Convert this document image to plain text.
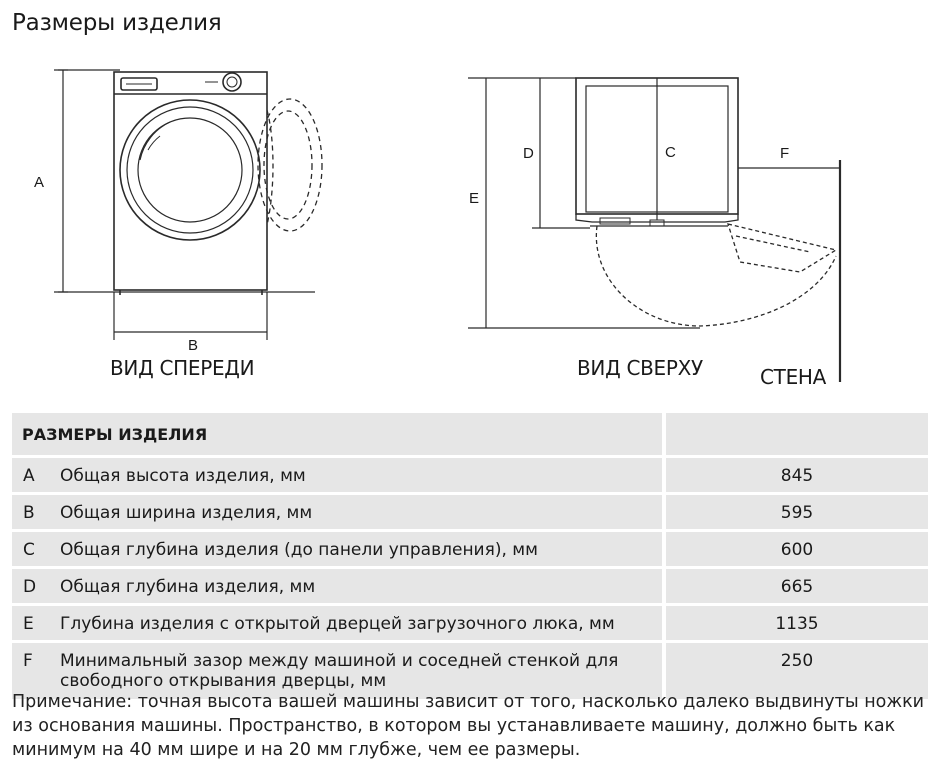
Размеры изделия
A
B
D	C
E
F
ВИД СПЕРЕДИ	ВИД СВЕРХУ	СТЕНА
РАЗМЕРЫ ИЗДЕЛИЯ		
A	Общая высота изделия, мм	845
B	Общая ширина изделия, мм	595
C	Общая глубина изделия (до панели управления), мм	600
D	Общая глубина изделия, мм	665
E	Глубина изделия с открытой дверцей загрузочного люка, мм	1135
F	Минимальный зазор между машиной и соседней стенкой для свободного открывания дверцы, мм	250

Примечание: точная высота вашей машины зависит от того, насколько далеко выдвинуты ножки из основания машины. Пространство, в котором вы устанавливаете машину, должно быть как минимум на 40 мм шире и на 20 мм глубже, чем ее размеры.
